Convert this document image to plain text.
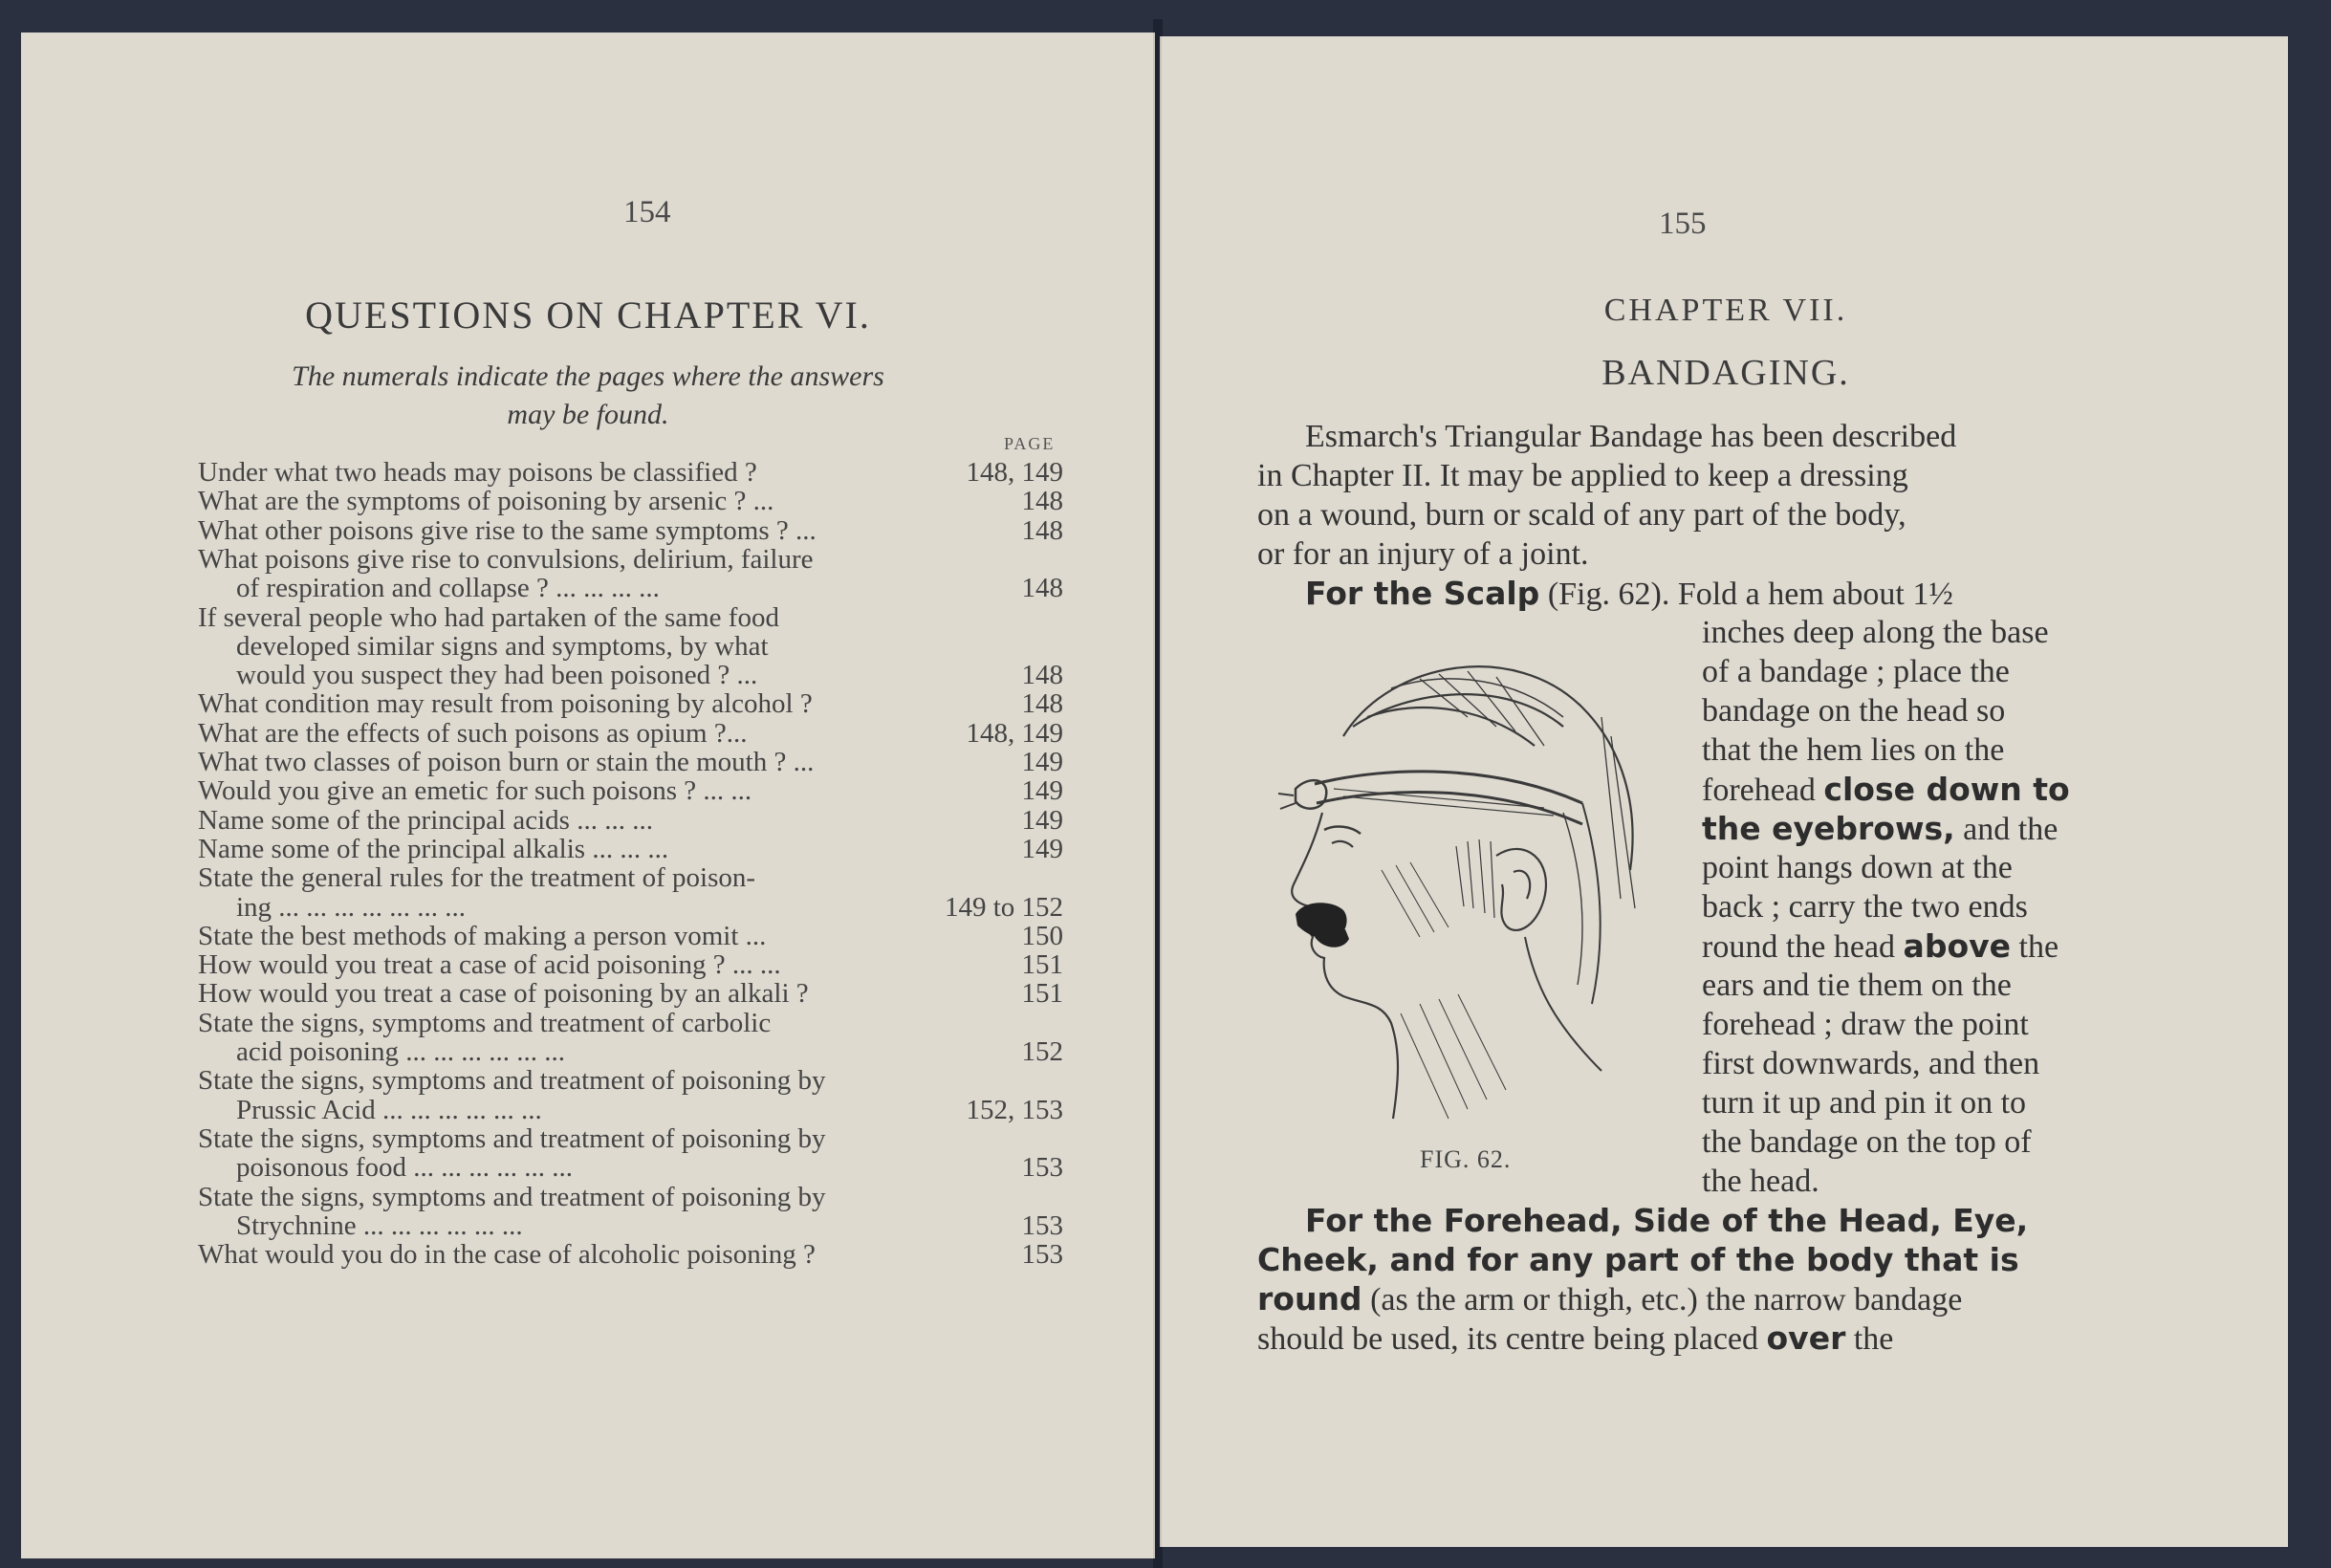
154
QUESTIONS ON CHAPTER VI.
The numerals indicate the pages where the answers
may be found.
PAGE
Under what two heads may poisons be classified ?	148, 149
What are the symptoms of poisoning by arsenic ? ...	148
What other poisons give rise to the same symptoms ? ...	148
What poisons give rise to convulsions, delirium, failure
of respiration and collapse ? ... ... ... ...	148
If several people who had partaken of the same food
developed similar signs and symptoms, by what
would you suspect they had been poisoned ? ...	148
What condition may result from poisoning by alcohol ?	148
What are the effects of such poisons as opium ?...	148, 149
What two classes of poison burn or stain the mouth ? ...	149
Would you give an emetic for such poisons ? ... ...	149
Name some of the principal acids ... ... ...	149
Name some of the principal alkalis ... ... ...	149
State the general rules for the treatment of poison-
ing ... ... ... ... ... ... ...	149 to 152
State the best methods of making a person vomit ...	150
How would you treat a case of acid poisoning ? ... ...	151
How would you treat a case of poisoning by an alkali ?	151
State the signs, symptoms and treatment of carbolic
acid poisoning ... ... ... ... ... ...	152
State the signs, symptoms and treatment of poisoning by
Prussic Acid ... ... ... ... ... ...	152, 153
State the signs, symptoms and treatment of poisoning by
poisonous food ... ... ... ... ... ...	153
State the signs, symptoms and treatment of poisoning by
Strychnine ... ... ... ... ... ...	153
What would you do in the case of alcoholic poisoning ?	153
155
CHAPTER VII.
BANDAGING.
Esmarch's Triangular Bandage has been described
in Chapter II. It may be applied to keep a dressing
on a wound, burn or scald of any part of the body,
or for an injury of a joint.
For the Scalp (Fig. 62). Fold a hem about 1½
inches deep along the base
of a bandage ; place the
bandage on the head so
that the hem lies on the
forehead close down to
the eyebrows, and the
point hangs down at the
back ; carry the two ends
round the head above the
ears and tie them on the
forehead ; draw the point
first downwards, and then
turn it up and pin it on to
the bandage on the top of
the head.
FIG. 62.
For the Forehead, Side of the Head, Eye,
Cheek, and for any part of the body that is
round (as the arm or thigh, etc.) the narrow bandage
should be used, its centre being placed over the
